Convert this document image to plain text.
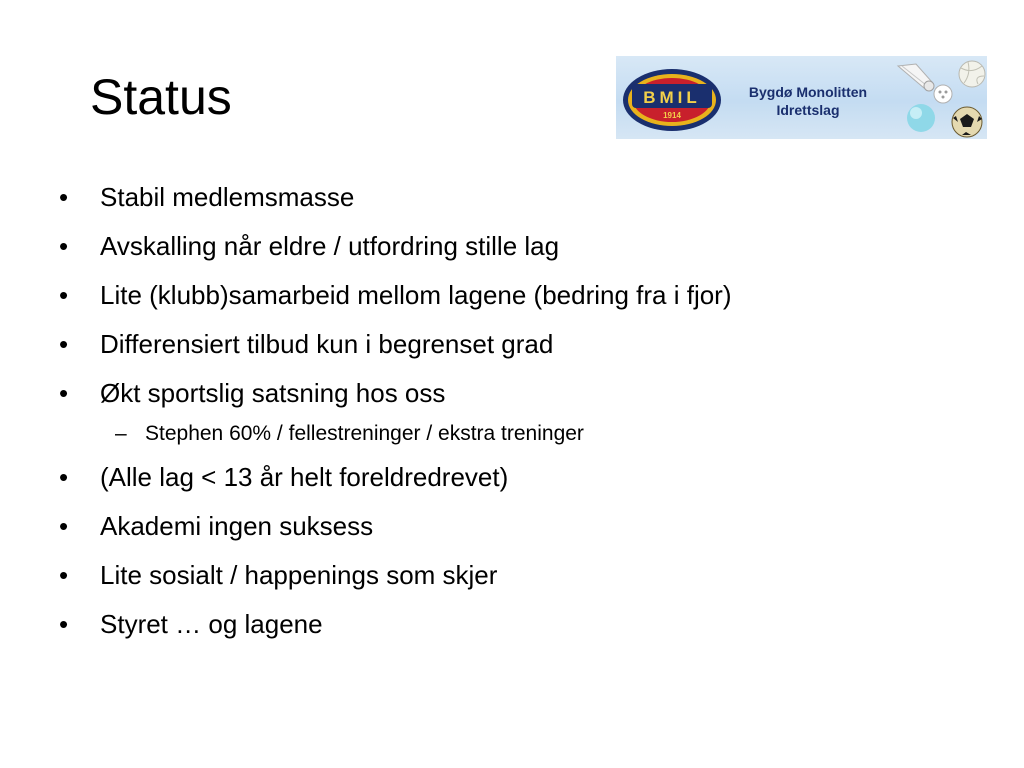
Status	BMIL
1914
Bygdø Monolitten
Idrettslag
•	Stabil medlemsmasse
•	Avskalling når eldre / utfordring stille lag
•	Lite (klubb)samarbeid mellom lagene (bedring fra i fjor)
•	Differensiert tilbud kun i begrenset grad
•	Økt sportslig satsning hos oss
– Stephen 60% / fellestreninger / ekstra treninger
•	(Alle lag < 13 år helt foreldredrevet)
•	Akademi ingen suksess
•	Lite sosialt / happenings som skjer
•	Styret … og lagene
